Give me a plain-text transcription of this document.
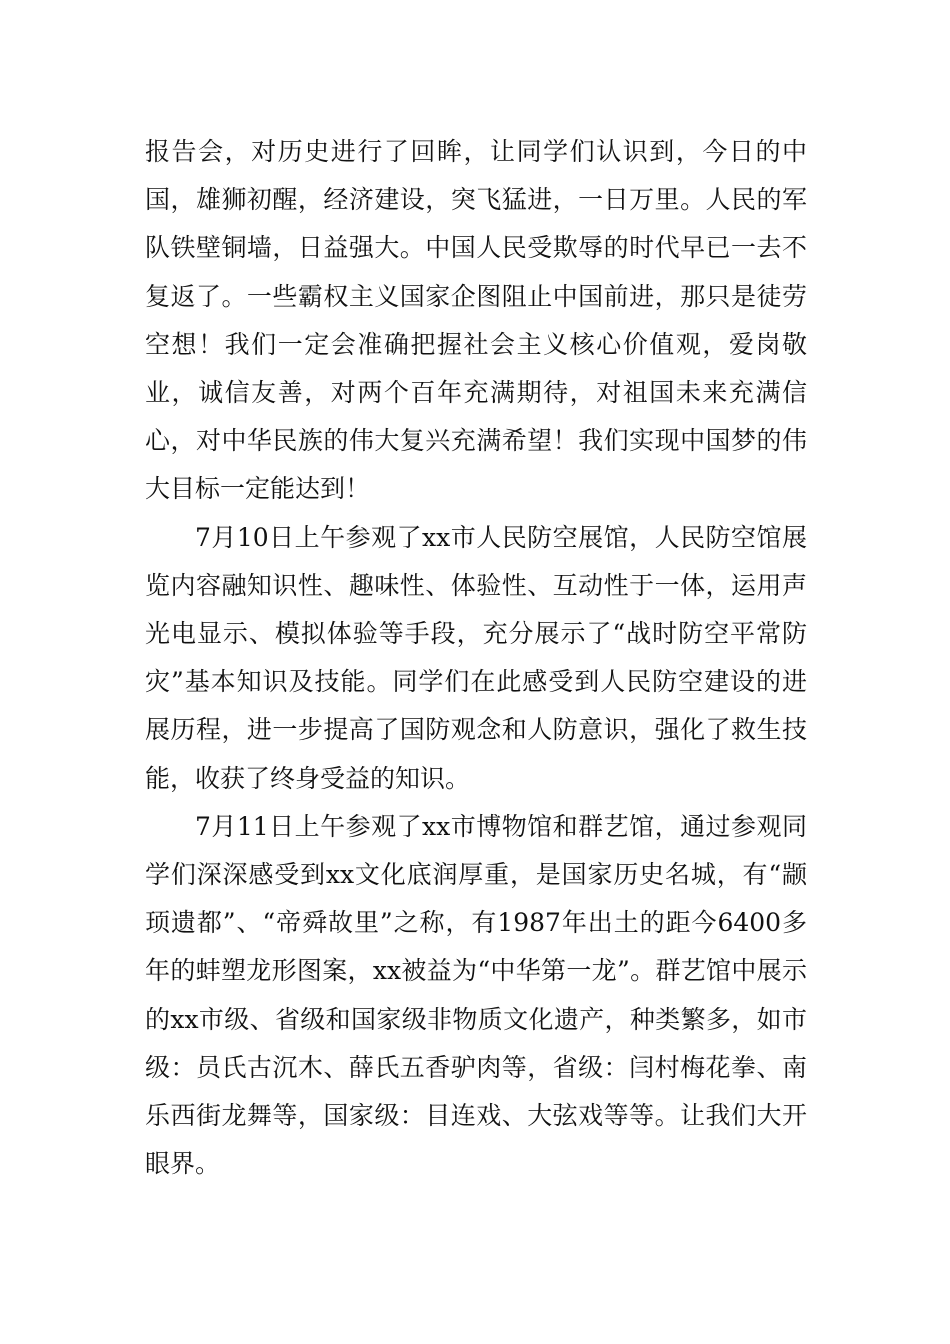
报告会，对历史进行了回眸，让同学们认识到，今日的中国，雄狮初醒，经济建设，突飞猛进，一日万里。人民的军队铁壁铜墙，日益强大。中国人民受欺辱的时代早已一去不复返了。一些霸权主义国家企图阻止中国前进，那只是徒劳空想！我们一定会准确把握社会主义核心价值观，爱岗敬业，诚信友善，对两个百年充满期待，对祖国未来充满信心，对中华民族的伟大复兴充满希望！我们实现中国梦的伟大目标一定能达到！

7月10日上午参观了xx市人民防空展馆，人民防空馆展览内容融知识性、趣味性、体验性、互动性于一体，运用声光电显示、模拟体验等手段，充分展示了“战时防空平常防灾”基本知识及技能。同学们在此感受到人民防空建设的进展历程，进一步提高了国防观念和人防意识，强化了救生技能，收获了终身受益的知识。

7月11日上午参观了xx市博物馆和群艺馆，通过参观同学们深深感受到xx文化底润厚重，是国家历史名城，有“颛顼遗都”、“帝舜故里”之称，有1987年出土的距今6400多年的蚌塑龙形图案，xx被益为“中华第一龙”。群艺馆中展示的xx市级、省级和国家级非物质文化遗产，种类繁多，如市级：员氏古沉木、薛氏五香驴肉等，省级：闫村梅花拳、南乐西街龙舞等，国家级：目连戏、大弦戏等等。让我们大开眼界。
